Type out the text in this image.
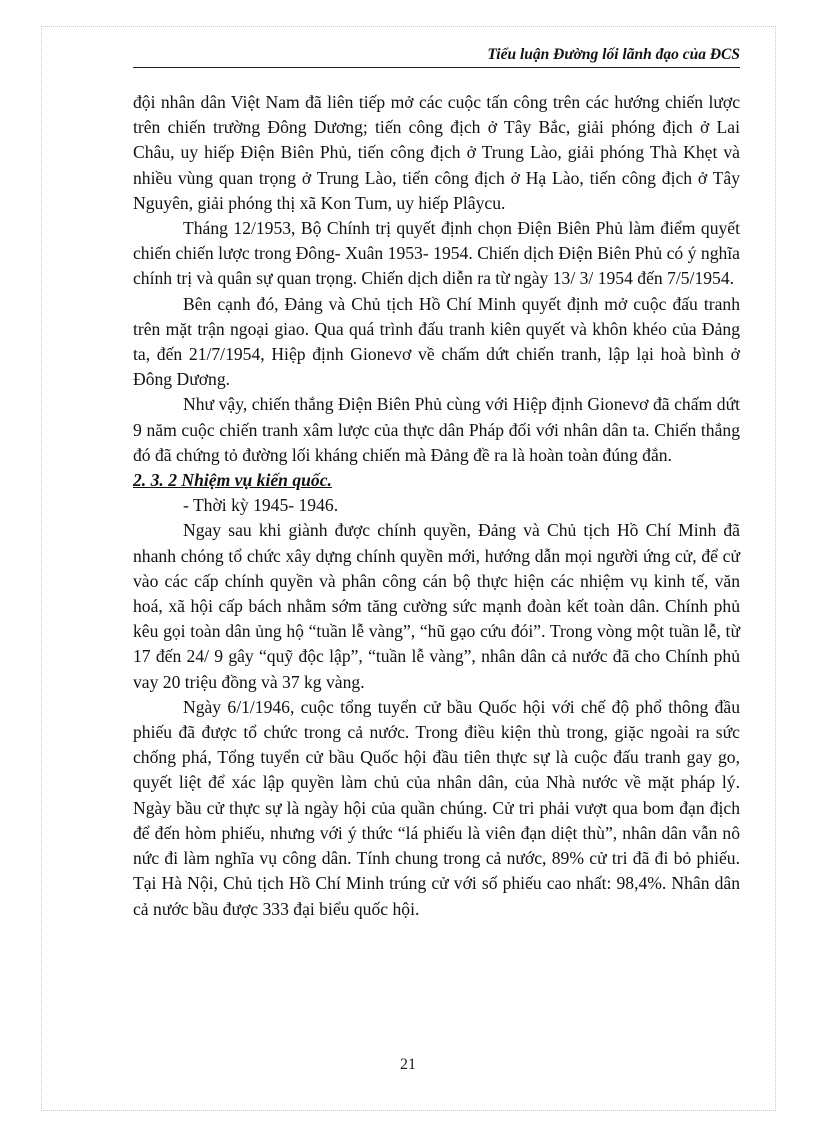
Tiểu luận Đường lối lãnh đạo của ĐCS

đội nhân dân Việt Nam đã liên tiếp mở các cuộc tấn công trên các hướng chiến lược trên chiến trường Đông Dương; tiến công địch ở Tây Bắc, giải phóng địch ở Lai Châu, uy hiếp Điện Biên Phủ, tiến công địch ở Trung Lào, giải phóng Thà Khẹt và nhiều vùng quan trọng ở Trung Lào, tiến công địch ở Hạ Lào, tiến công địch ở Tây Nguyên, giải phóng thị xã Kon Tum, uy hiếp Plâycu.

Tháng 12/1953, Bộ Chính trị quyết định chọn Điện Biên Phủ làm điểm quyết chiến chiến lược trong Đông- Xuân 1953- 1954. Chiến dịch Điện Biên Phủ có ý nghĩa chính trị và quân sự quan trọng. Chiến dịch diễn ra từ ngày 13/ 3/ 1954 đến 7/5/1954.

Bên cạnh đó, Đảng và Chủ tịch Hồ Chí Minh quyết định mở cuộc đấu tranh trên mặt trận ngoại giao. Qua quá trình đấu tranh kiên quyết và khôn khéo của Đảng ta, đến 21/7/1954, Hiệp định Gionevơ về chấm dứt chiến tranh, lập lại hoà bình ở Đông Dương.

Như vậy, chiến thắng Điện Biên Phủ cùng với Hiệp định Gionevơ đã chấm dứt 9 năm cuộc chiến tranh xâm lược của thực dân Pháp đối với nhân dân ta. Chiến thắng đó đã chứng tỏ đường lối kháng chiến mà Đảng đề ra là hoàn toàn đúng đắn.

2. 3. 2 Nhiệm vụ kiến quốc.

- Thời kỳ 1945- 1946.

Ngay sau khi giành được chính quyền, Đảng và Chủ tịch Hồ Chí Minh đã nhanh chóng tổ chức xây dựng chính quyền mới, hướng dẫn mọi người ứng cử, để cử vào các cấp chính quyền và phân công cán bộ thực hiện các nhiệm vụ kinh tế, văn hoá, xã hội cấp bách nhằm sớm tăng cường sức mạnh đoàn kết toàn dân. Chính phủ kêu gọi toàn dân ủng hộ “tuần lễ vàng”, “hũ gạo cứu đói”. Trong vòng một tuần lễ, từ 17 đến 24/ 9 gây “quỹ độc lập”, “tuần lễ vàng”, nhân dân cả nước đã cho Chính phủ vay 20 triệu đồng và 37 kg vàng.

Ngày 6/1/1946, cuộc tổng tuyển cử bầu Quốc hội với chế độ phổ thông đầu phiếu đã được tổ chức trong cả nước. Trong điều kiện thù trong, giặc ngoài ra sức chống phá, Tổng tuyển cử bầu Quốc hội đầu tiên thực sự là cuộc đấu tranh gay go, quyết liệt để xác lập quyền làm chủ của nhân dân, của Nhà nước về mặt pháp lý. Ngày bầu cử thực sự là ngày hội của quần chúng. Cử tri phải vượt qua bom đạn địch để đến hòm phiếu, nhưng với ý thức “lá phiếu là viên đạn diệt thù”, nhân dân vẫn nô nức đi làm nghĩa vụ công dân. Tính chung trong cả nước, 89% cử tri đã đi bỏ phiếu. Tại Hà Nội, Chủ tịch Hồ Chí Minh trúng cử với số phiếu cao nhất: 98,4%. Nhân dân cả nước bầu được 333 đại biểu quốc hội.

21
